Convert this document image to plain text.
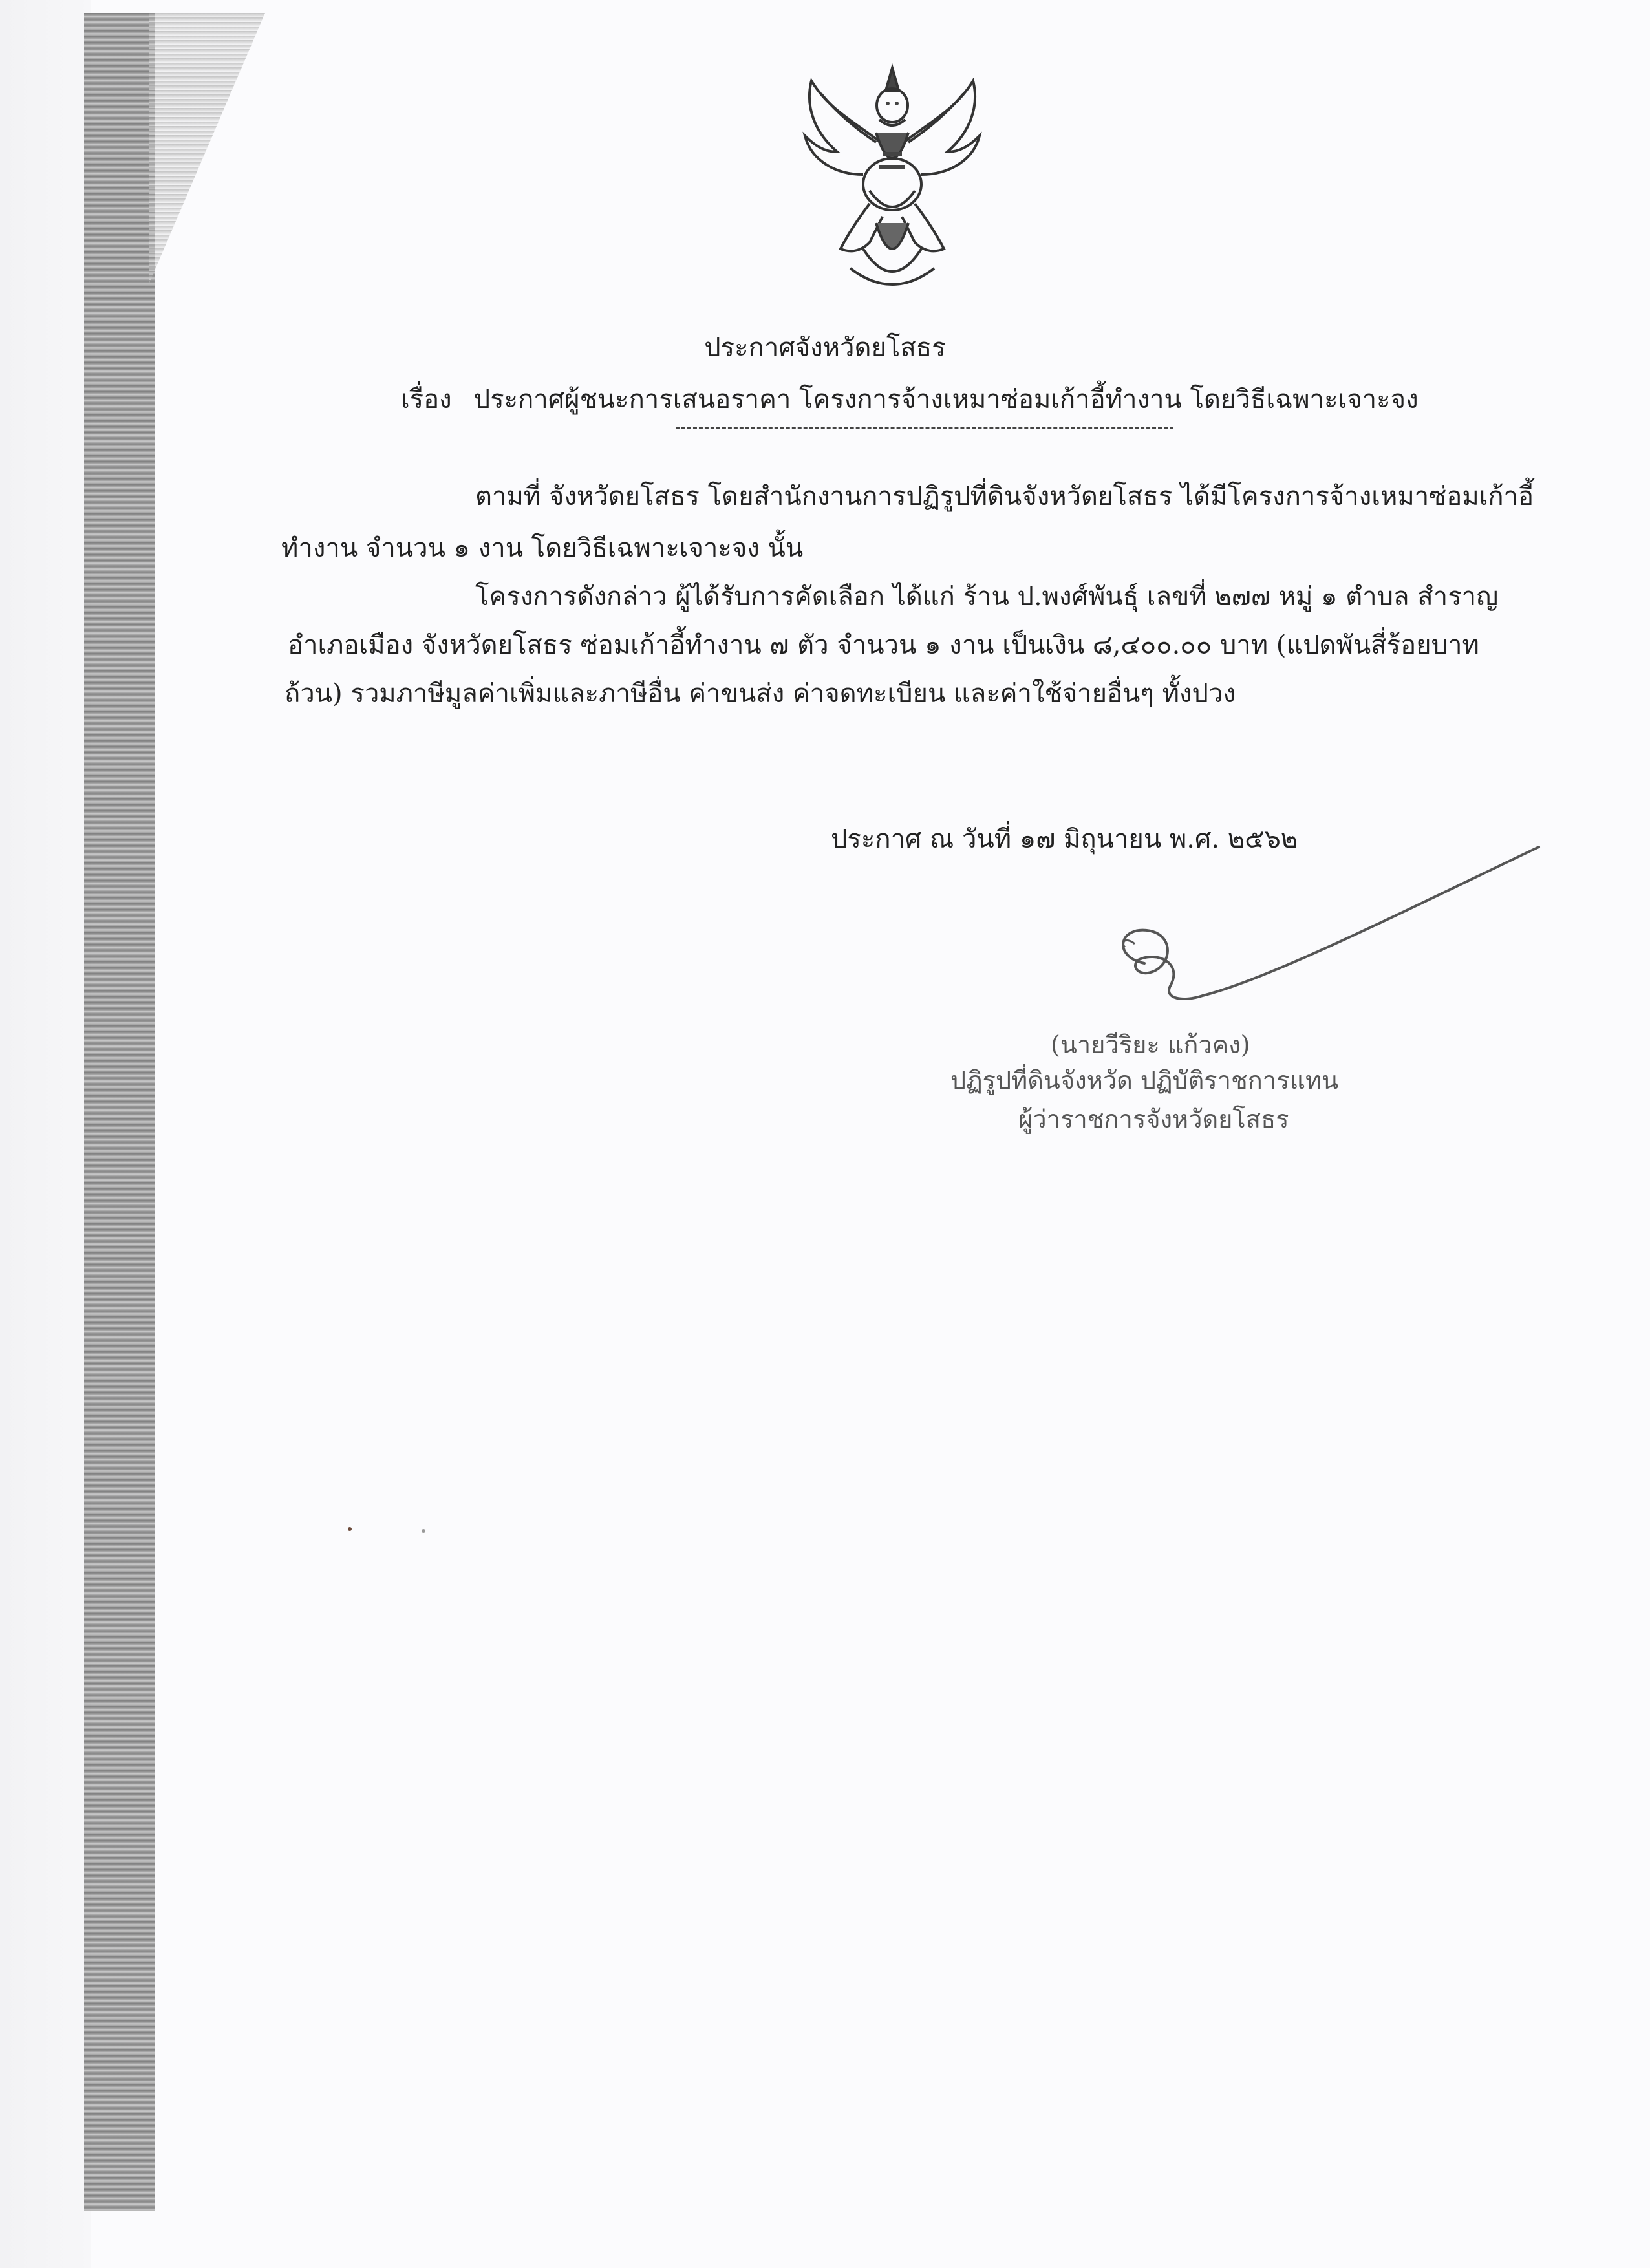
ประกาศจังหวัดยโสธร
เรื่อง ประกาศผู้ชนะการเสนอราคา โครงการจ้างเหมาซ่อมเก้าอี้ทำงาน โดยวิธีเฉพาะเจาะจง
ตามที่ จังหวัดยโสธร โดยสำนักงานการปฏิรูปที่ดินจังหวัดยโสธร ได้มีโครงการจ้างเหมาซ่อมเก้าอี้
ทำงาน จำนวน ๑ งาน โดยวิธีเฉพาะเจาะจง นั้น
โครงการดังกล่าว ผู้ได้รับการคัดเลือก ได้แก่ ร้าน ป.พงศ์พันธุ์ เลขที่ ๒๗๗ หมู่ ๑ ตำบล สำราญ
อำเภอเมือง จังหวัดยโสธร ซ่อมเก้าอี้ทำงาน ๗ ตัว จำนวน ๑ งาน เป็นเงิน ๘,๔๐๐.๐๐ บาท (แปดพันสี่ร้อยบาท
ถ้วน) รวมภาษีมูลค่าเพิ่มและภาษีอื่น ค่าขนส่ง ค่าจดทะเบียน และค่าใช้จ่ายอื่นๆ ทั้งปวง
ประกาศ ณ วันที่ ๑๗ มิถุนายน พ.ศ. ๒๕๖๒
(นายวีริยะ แก้วคง)
ปฏิรูปที่ดินจังหวัด ปฏิบัติราชการแทน
ผู้ว่าราชการจังหวัดยโสธร
